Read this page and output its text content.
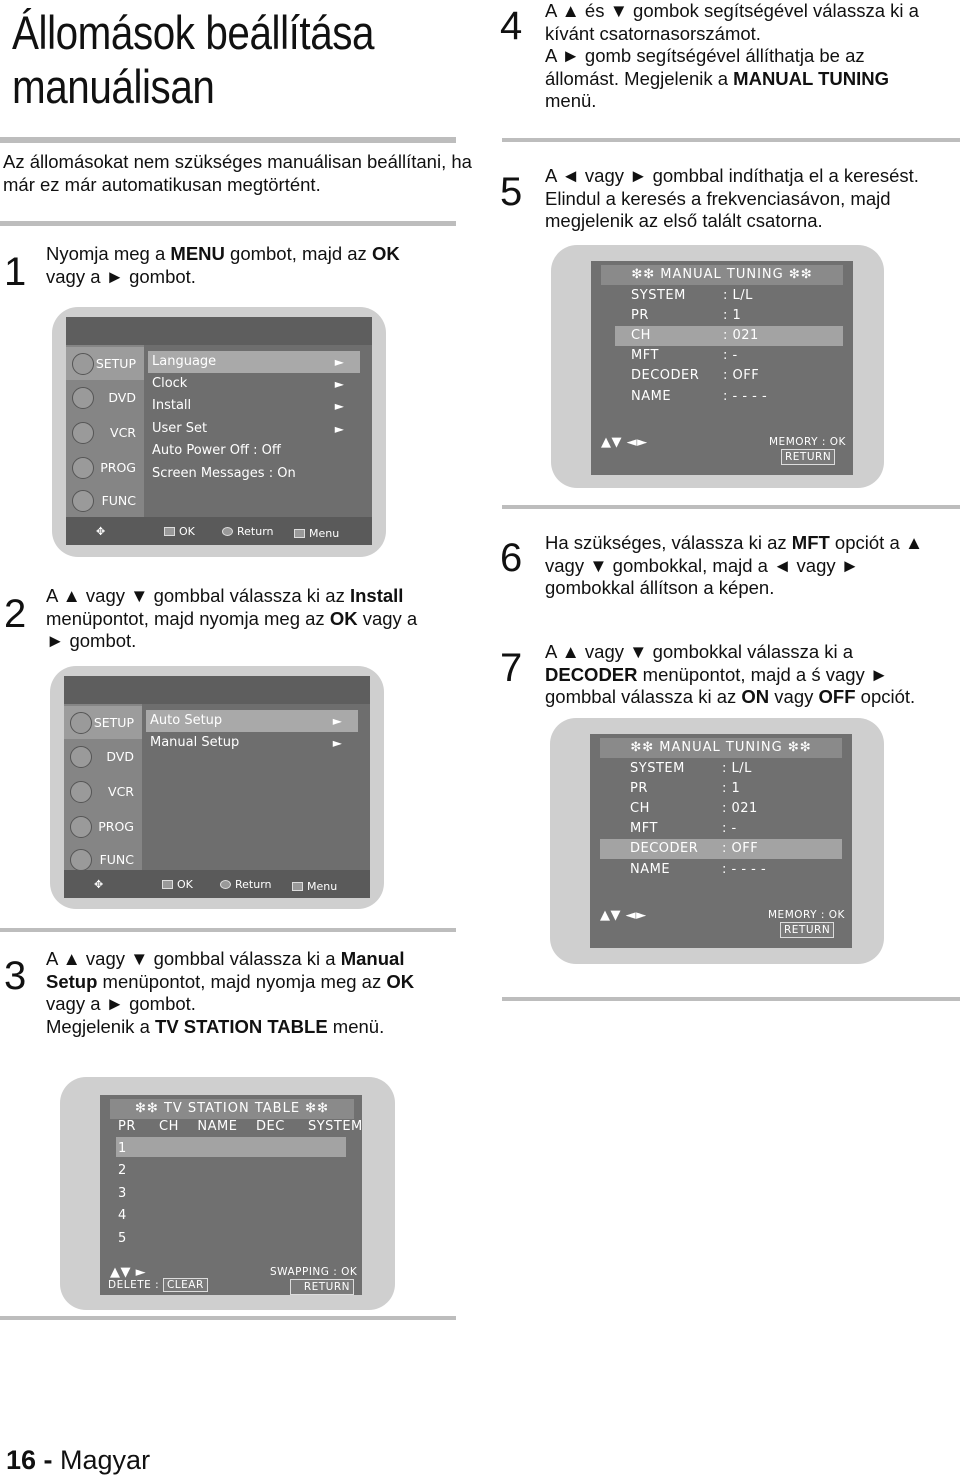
Állomások beállítása
manuálisan
Az állomásokat nem szükséges manuálisan beállítani, ha már ez már automatikusan megtörtént.
1 Nyomja meg a MENU gombot, majd az OK
vagy a ► gombot.
SETUP
DVD
VCR
PROG
FUNC
Language	►
Clock	►
Install	►
User Set	►
Auto Power Off : Off
Screen Messages : On
✥	OK	Return	Menu
2 A ▲ vagy ▼ gombbal válassza ki az Install
menüpontot, majd nyomja meg az OK vagy a
► gombot.
SETUP
DVD
VCR
PROG
FUNC
Auto Setup	►
Manual Setup	►
✥	OK	Return	Menu
3 A ▲ vagy ▼ gombbal válassza ki a Manual
Setup menüpontot, majd nyomja meg az OK
vagy a ► gombot.
Megjelenik a TV STATION TABLE menü.
❇❇ TV STATION TABLE ❇❇
PR     CH    NAME    DEC     SYSTEM
1
2
3
4
5
▲▼ ►
DELETE : CLEAR
SWAPPING : OK
RETURN
4 A ▲ és ▼ gombok segítségével válassza ki a
kívánt csatornasorszámot.
A ► gomb segítségével állíthatja be az
állomást. Megjelenik a MANUAL TUNING
menü.
5 A ◄ vagy ► gombbal indíthatja el a keresést.
Elindul a keresés a frekvenciasávon, majd
megjelenik az első talált csatorna.
❇❇ MANUAL TUNING ❇❇
SYSTEM	: L/L
PR	: 1
CH	: 021
MFT	: -
DECODER : OFF
NAME	: - - - -
▲▼ ◄►	MEMORY : OK
RETURN
6 Ha szükséges, válassza ki az MFT opciót a ▲
vagy ▼ gombokkal, majd a ◄ vagy ►
gombokkal állítson a képen.
7 A ▲ vagy ▼ gombokkal válassza ki a
DECODER menüpontot, majd a ś vagy ►
gombbal válassza ki az ON vagy OFF opciót.
❇❇ MANUAL TUNING ❇❇
SYSTEM	: L/L
PR	: 1
CH	: 021
MFT	: -
DECODER : OFF
NAME	: - - - -
▲▼ ◄►	MEMORY : OK
RETURN
16 - Magyar
